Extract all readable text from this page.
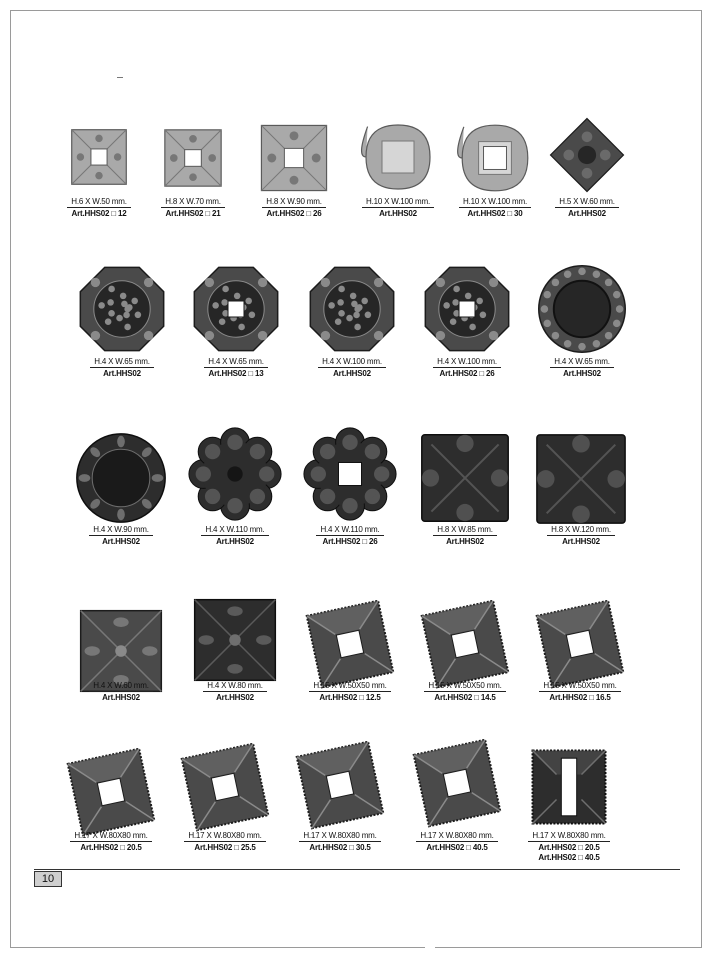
H.6 X W.50 mm.
Art.HHS02 □ 12
H.8 X W.70 mm.
Art.HHS02 □ 21
H.8 X W.90 mm.
Art.HHS02 □ 26
H.10 X W.100 mm.
Art.HHS02
H.10 X W.100 mm.
Art.HHS02 □ 30
H.5 X W.60 mm.
Art.HHS02
H.4 X W.65 mm.
Art.HHS02
H.4 X W.65 mm.
Art.HHS02 □ 13
H.4 X W.100 mm.
Art.HHS02
H.4 X W.100 mm.
Art.HHS02 □ 26
H.4 X W.65 mm.
Art.HHS02
H.4 X W.90 mm.
Art.HHS02
H.4 X W.110 mm.
Art.HHS02
H.4 X W.110 mm.
Art.HHS02 □ 26
H.8 X W.85 mm.
Art.HHS02
H.8 X W.120 mm.
Art.HHS02
H.4 X W.60 mm.
Art.HHS02
H.4 X W.80 mm.
Art.HHS02
H.15 X W.50X50 mm.
Art.HHS02 □ 12.5
H.15 X W.50X50 mm.
Art.HHS02 □ 14.5
H.15 X W.50X50 mm.
Art.HHS02 □ 16.5
H.17 X W.80X80 mm.
Art.HHS02 □ 20.5
H.17 X W.80X80 mm.
Art.HHS02 □ 25.5
H.17 X W.80X80 mm.
Art.HHS02 □ 30.5
H.17 X W.80X80 mm.
Art.HHS02 □ 40.5
H.17 X W.80X80 mm.
Art.HHS02 □ 20.5
Art.HHS02 □ 40.5
10
